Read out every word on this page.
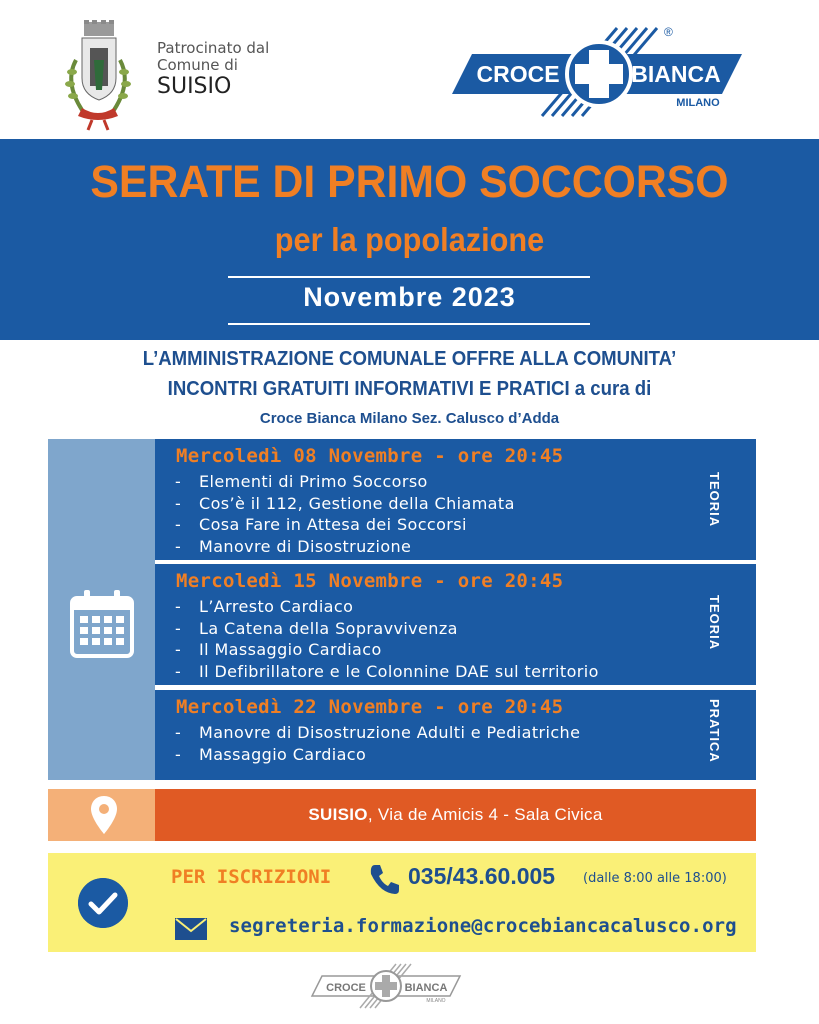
Patrocinato dal
Comune di
SUISIO	CROCE	BIANCA
MILANO
®
SERATE DI PRIMO SOCCORSO
per la popolazione
Novembre 2023
L’AMMINISTRAZIONE COMUNALE OFFRE ALLA COMUNITA’
INCONTRI GRATUITI INFORMATIVI E PRATICI a cura di
Croce Bianca Milano Sez. Calusco d’Adda
Mercoledì 08 Novembre - ore 20:45
- Elementi di Primo Soccorso
- Cos’è il 112, Gestione della Chiamata
- Cosa Fare in Attesa dei Soccorsi
- Manovre di Disostruzione
TEORIA
Mercoledì 15 Novembre - ore 20:45
- L’Arresto Cardiaco
- La Catena della Sopravvivenza
- Il Massaggio Cardiaco
- Il Defibrillatore e le Colonnine DAE sul territorio
TEORIA
Mercoledì 22 Novembre - ore 20:45
- Manovre di Disostruzione Adulti e Pediatriche
- Massaggio Cardiaco	PRATICA
SUISIO, Via de Amicis 4 - Sala Civica
PER ISCRIZIONI	035/43.60.005 (dalle 8:00 alle 18:00)
segreteria.formazione@crocebiancacalusco.org
CROCE	BIANCA
MILANO
